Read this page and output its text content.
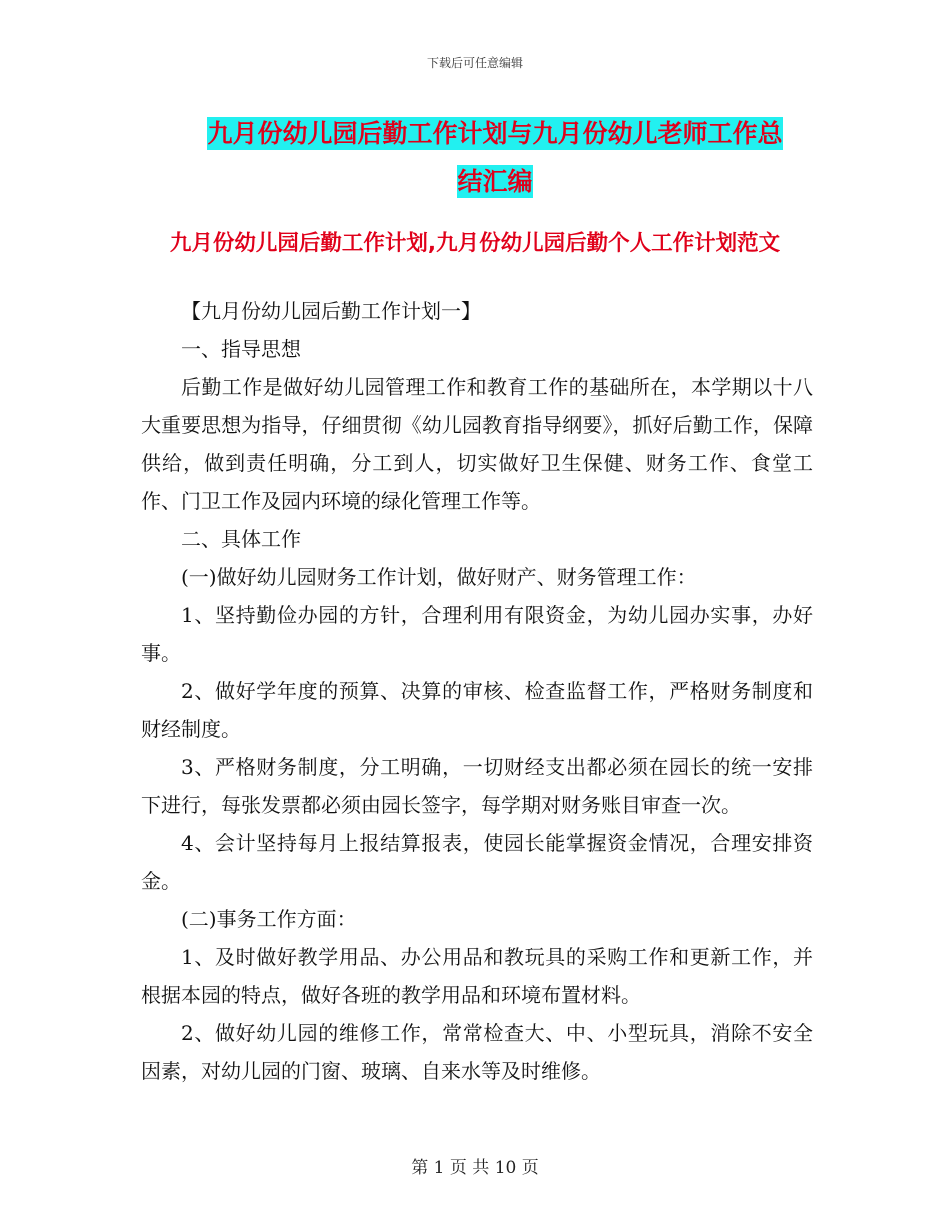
下载后可任意编辑
九月份幼儿园后勤工作计划与九月份幼儿老师工作总
结汇编
九月份幼儿园后勤工作计划,九月份幼儿园后勤个人工作计划范文

【九月份幼儿园后勤工作计划一】

一、指导思想

后勤工作是做好幼儿园管理工作和教育工作的基础所在，本学期以十八大重要思想为指导，仔细贯彻《幼儿园教育指导纲要》，抓好后勤工作，保障供给，做到责任明确，分工到人，切实做好卫生保健、财务工作、食堂工作、门卫工作及园内环境的绿化管理工作等。

二、具体工作

(一)做好幼儿园财务工作计划，做好财产、财务管理工作：

1、坚持勤俭办园的方针，合理利用有限资金，为幼儿园办实事，办好事。

2、做好学年度的预算、决算的审核、检查监督工作，严格财务制度和财经制度。

3、严格财务制度，分工明确，一切财经支出都必须在园长的统一安排下进行，每张发票都必须由园长签字，每学期对财务账目审查一次。

4、会计坚持每月上报结算报表，使园长能掌握资金情况，合理安排资金。

(二)事务工作方面：

1、及时做好教学用品、办公用品和教玩具的采购工作和更新工作，并根据本园的特点，做好各班的教学用品和环境布置材料。

2、做好幼儿园的维修工作，常常检查大、中、小型玩具，消除不安全因素，对幼儿园的门窗、玻璃、自来水等及时维修。

第 1 页 共 10 页
